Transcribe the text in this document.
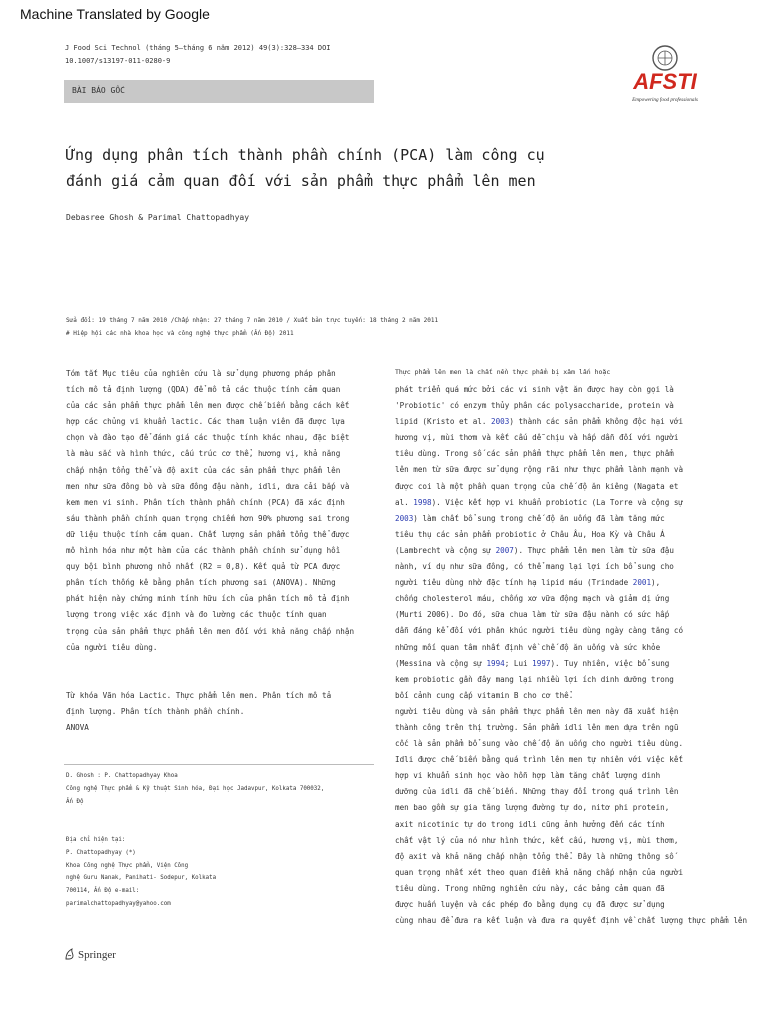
Machine Translated by Google
J Food Sci Technol (tháng 5–tháng 6 năm 2012) 49(3):328–334 DOI
10.1007/s13197-011-0280-9
BÀI BÁO GỐC	AFSTI
Empowering food professionals
Ứng dụng phân tích thành phần chính (PCA) làm công cụ
đánh giá cảm quan đối với sản phẩm thực phẩm lên men
Debasree Ghosh & Parimal Chattopadhyay
Sửa đổi: 19 tháng 7 năm 2010 /Chấp nhận: 27 tháng 7 năm 2010 / Xuất bản trực tuyến: 18 tháng 2 năm 2011
# Hiệp hội các nhà khoa học và công nghệ thực phẩm (Ấn Độ) 2011
Tóm tắt Mục tiêu của nghiên cứu là sử dụng phương pháp phân
tích mô tả định lượng (QDA) để mô tả các thuộc tính cảm quan
của các sản phẩm thực phẩm lên men được chế biến bằng cách kết
hợp các chủng vi khuẩn lactic. Các tham luận viên đã được lựa
chọn và đào tạo để đánh giá các thuộc tính khác nhau, đặc biệt
là màu sắc và hình thức, cấu trúc cơ thể, hương vị, khả năng
chấp nhận tổng thể và độ axit của các sản phẩm thực phẩm lên
men như sữa đông bò và sữa đông đậu nành, idli, dưa cải bắp và
kem men vi sinh. Phân tích thành phần chính (PCA) đã xác định
sáu thành phần chính quan trọng chiếm hơn 90% phương sai trong
dữ liệu thuộc tính cảm quan. Chất lượng sản phẩm tổng thể được
mô hình hóa như một hàm của các thành phần chính sử dụng hồi
quy bội bình phương nhỏ nhất (R2 = 0,8). Kết quả từ PCA được
phân tích thống kê bằng phân tích phương sai (ANOVA). Những
phát hiện này chứng minh tính hữu ích của phân tích mô tả định
lượng trong việc xác định và đo lường các thuộc tính quan
trọng của sản phẩm thực phẩm lên men đối với khả năng chấp nhận
của người tiêu dùng.
Từ khóa Vãn hóa Lactic. Thực phẩm lên men. Phân tích mô tả
định lượng. Phân tích thành phần chính.
ANOVA
D. Ghosh : P. Chattopadhyay Khoa
Công nghệ Thực phẩm & Kỹ thuật Sinh hóa, Đại học Jadavpur, Kolkata 700032,
Ấn Độ
Địa chỉ hiện tại:
P. Chattopadhyay (*)
Khoa Công nghệ Thực phẩm, Viện Công
nghệ Guru Nanak, Panihati- Sodepur, Kolkata
700114, Ấn Độ e-mail:
parimalchattopadhyay@yahoo.com
Springer
Thực phẩm lên men là chất nền thực phẩm bị xâm lấn hoặc
phát triển quá mức bởi các vi sinh vật ăn được hay còn gọi là
'Probiotic' có enzym thủy phân các polysaccharide, protein và
lipid (Kristo et al. 2003) thành các sản phẩm không độc hại với
hương vị, mùi thơm và kết cấu dễ chịu và hấp dẫn đối với người
tiêu dùng. Trong số các sản phẩm thực phẩm lên men, thực phẩm
lên men từ sữa được sử dụng rộng rãi như thực phẩm lành mạnh và
được coi là một phần quan trọng của chế độ ăn kiêng (Nagata et
al. 1998). Việc kết hợp vi khuẩn probiotic (La Torre và cộng sự
2003) làm chất bổ sung trong chế độ ăn uống đã làm tăng mức
tiêu thụ các sản phẩm probiotic ở Châu Âu, Hoa Kỳ và Châu Á
(Lambrecht và cộng sự 2007). Thực phẩm lên men làm từ sữa đậu
nành, ví dụ như sữa đông, có thể mang lại lợi ích bổ sung cho
người tiêu dùng nhờ đặc tính hạ lipid máu (Trindade 2001),
chống cholesterol máu, chống xơ vữa động mạch và giảm dị ứng
(Murti 2006). Do đó, sữa chua làm từ sữa đậu nành có sức hấp
dẫn đáng kể đối với phân khúc người tiêu dùng ngày càng tăng có
những mối quan tâm nhất định về chế độ ăn uống và sức khỏe
(Messina và cộng sự 1994; Lui 1997). Tuy nhiên, việc bổ sung
kem probiotic gần đây mang lại nhiều lợi ích dinh dưỡng trong
bối cảnh cung cấp vitamin B cho cơ thể.
người tiêu dùng và sản phẩm thực phẩm lên men này đã xuất hiện
thành công trên thị trường. Sản phẩm idli lên men dựa trên ngũ
cốc là sản phẩm bổ sung vào chế độ ăn uống cho người tiêu dùng.
Idli được chế biến bằng quá trình lên men tự nhiên với việc kết
hợp vi khuẩn sinh học vào hỗn hợp làm tăng chất lượng dinh
dưỡng của idli đã chế biến. Những thay đổi trong quá trình lên
men bao gồm sự gia tăng lượng đường tự do, nitơ phi protein,
axit nicotinic tự do trong idli cũng ảnh hưởng đến các tính
chất vật lý của nó như hình thức, kết cấu, hương vị, mùi thơm,
độ axit và khả năng chấp nhận tổng thể. Đây là những thông số
quan trọng nhất xét theo quan điểm khả năng chấp nhận của người
tiêu dùng. Trong những nghiên cứu này, các bảng cảm quan đã
được huấn luyện và các phép đo bằng dụng cụ đã được sử dụng
cùng nhau để đưa ra kết luận và đưa ra quyết định về chất lượng thực phẩm lên
